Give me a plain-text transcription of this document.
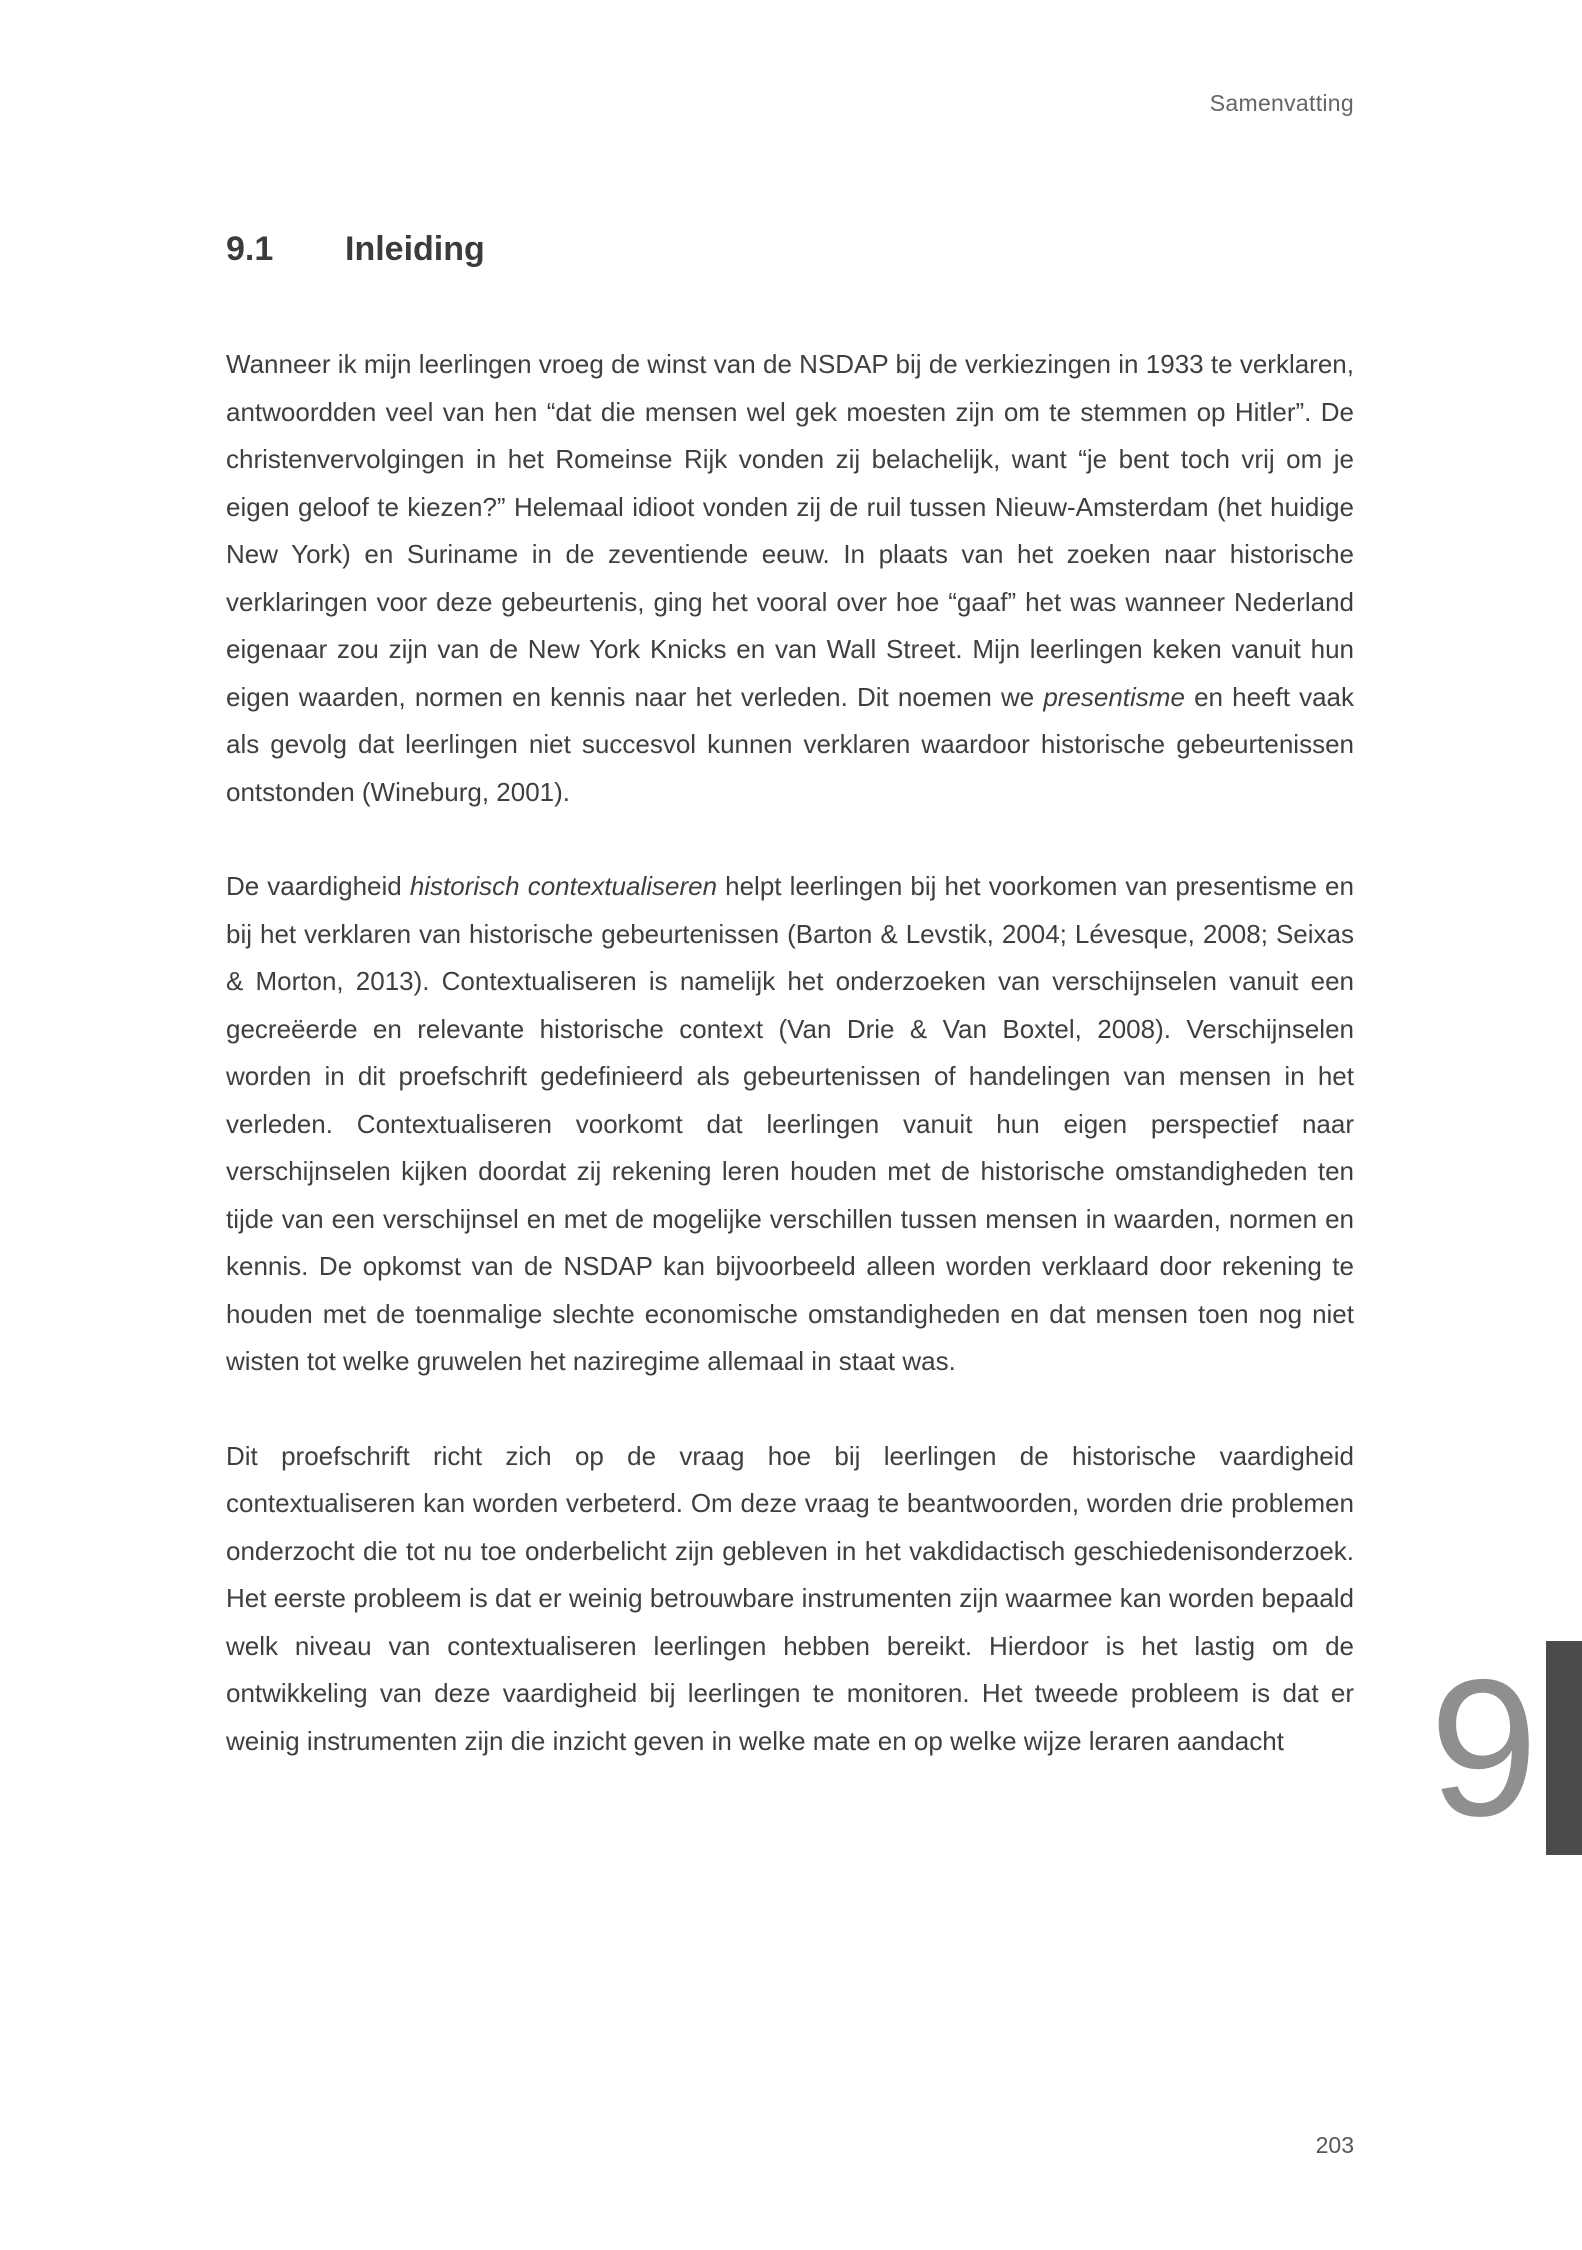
Samenvatting
9.1 Inleiding

Wanneer ik mijn leerlingen vroeg de winst van de NSDAP bij de verkiezingen in 1933 te verklaren, antwoordden veel van hen “dat die mensen wel gek moesten zijn om te stemmen op Hitler”. De christenvervolgingen in het Romeinse Rijk vonden zij belachelijk, want “je bent toch vrij om je eigen geloof te kiezen?” Helemaal idioot vonden zij de ruil tussen Nieuw-Amsterdam (het huidige New York) en Suriname in de zeventiende eeuw. In plaats van het zoeken naar historische verklaringen voor deze gebeurtenis, ging het vooral over hoe “gaaf” het was wanneer Nederland eigenaar zou zijn van de New York Knicks en van Wall Street. Mijn leerlingen keken vanuit hun eigen waarden, normen en kennis naar het verleden. Dit noemen we presentisme en heeft vaak als gevolg dat leerlingen niet succesvol kunnen verklaren waardoor historische gebeurtenissen ontstonden (Wineburg, 2001).

De vaardigheid historisch contextualiseren helpt leerlingen bij het voorkomen van presentisme en bij het verklaren van historische gebeurtenissen (Barton & Levstik, 2004; Lévesque, 2008; Seixas & Morton, 2013). Contextualiseren is namelijk het onderzoeken van verschijnselen vanuit een gecreëerde en relevante historische context (Van Drie & Van Boxtel, 2008). Verschijnselen worden in dit proefschrift gedefinieerd als gebeurtenissen of handelingen van mensen in het verleden. Contextualiseren voorkomt dat leerlingen vanuit hun eigen perspectief naar verschijnselen kijken doordat zij rekening leren houden met de historische omstandigheden ten tijde van een verschijnsel en met de mogelijke verschillen tussen mensen in waarden, normen en kennis. De opkomst van de NSDAP kan bijvoorbeeld alleen worden verklaard door rekening te houden met de toenmalige slechte economische omstandigheden en dat mensen toen nog niet wisten tot welke gruwelen het naziregime allemaal in staat was.

Dit proefschrift richt zich op de vraag hoe bij leerlingen de historische vaardigheid contextualiseren kan worden verbeterd. Om deze vraag te beantwoorden, worden drie problemen onderzocht die tot nu toe onderbelicht zijn gebleven in het vakdidactisch geschiedenisonderzoek. Het eerste probleem is dat er weinig betrouwbare instrumenten zijn waarmee kan worden bepaald welk niveau van contextualiseren leerlingen hebben bereikt. Hierdoor is het lastig om de ontwikkeling van deze vaardigheid bij leerlingen te monitoren. Het tweede probleem is dat er weinig instrumenten zijn die inzicht geven in welke mate en op welke wijze leraren aandacht 9
203
